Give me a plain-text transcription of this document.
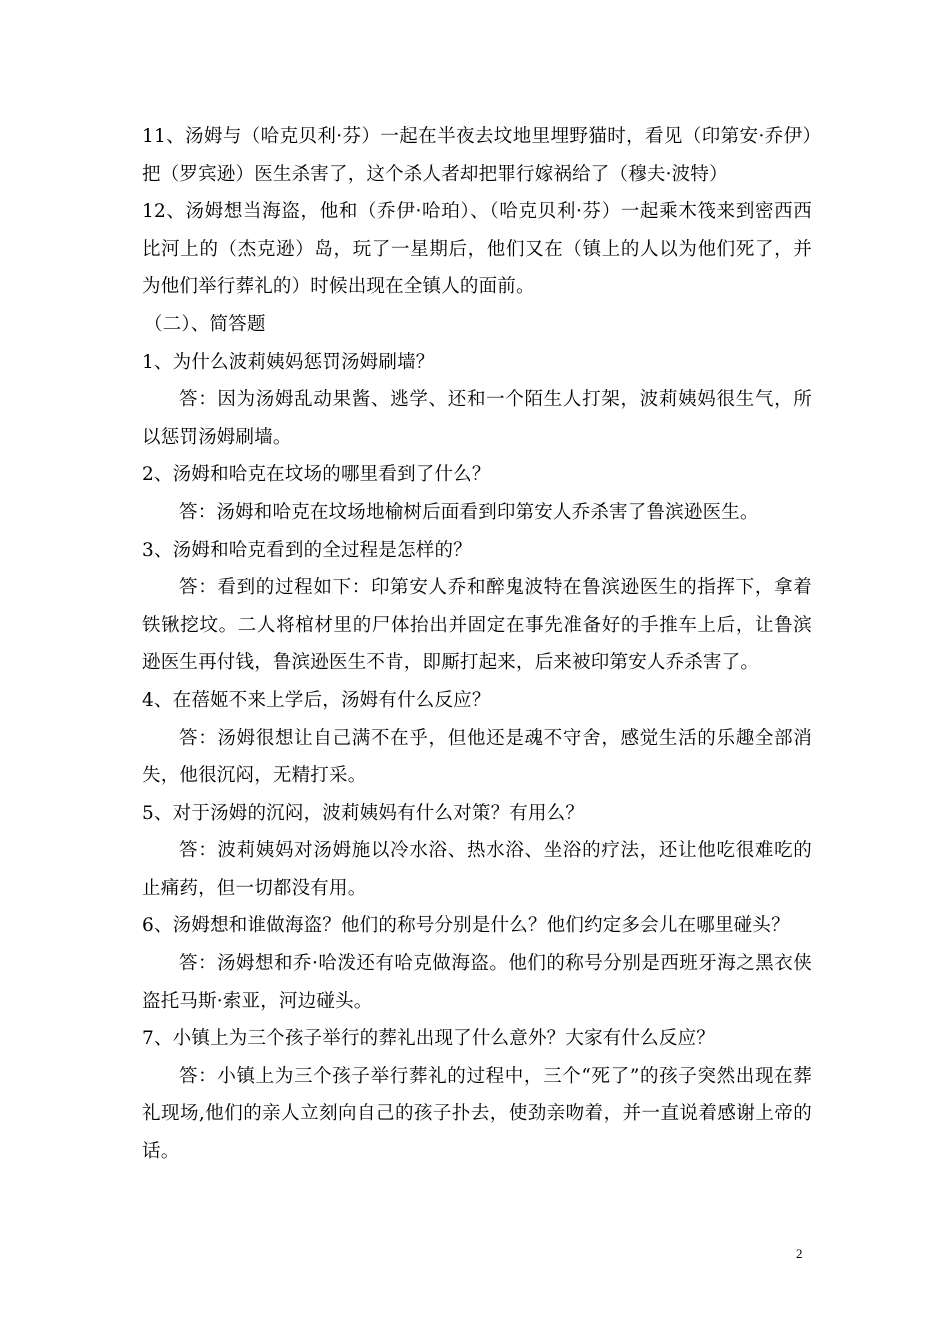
11、汤姆与（哈克贝利·芬）一起在半夜去坟地里埋野猫时，看见（印第安·乔伊）把（罗宾逊）医生杀害了，这个杀人者却把罪行嫁祸给了（穆夫·波特）

12、汤姆想当海盗，他和（乔伊·哈珀）、（哈克贝利·芬）一起乘木筏来到密西西比河上的（杰克逊）岛，玩了一星期后，他们又在（镇上的人以为他们死了，并为他们举行葬礼的）时候出现在全镇人的面前。

（二）、简答题

1、为什么波莉姨妈惩罚汤姆刷墙？

答：因为汤姆乱动果酱、逃学、还和一个陌生人打架，波莉姨妈很生气，所以惩罚汤姆刷墙。

2、汤姆和哈克在坟场的哪里看到了什么？

答：汤姆和哈克在坟场地榆树后面看到印第安人乔杀害了鲁滨逊医生。

3、汤姆和哈克看到的全过程是怎样的？

答：看到的过程如下：印第安人乔和醉鬼波特在鲁滨逊医生的指挥下，拿着铁锹挖坟。二人将棺材里的尸体抬出并固定在事先准备好的手推车上后，让鲁滨逊医生再付钱，鲁滨逊医生不肯，即厮打起来，后来被印第安人乔杀害了。

4、在蓓姬不来上学后，汤姆有什么反应？

答：汤姆很想让自己满不在乎，但他还是魂不守舍，感觉生活的乐趣全部消失，他很沉闷，无精打采。

5、对于汤姆的沉闷，波莉姨妈有什么对策？有用么？

答：波莉姨妈对汤姆施以冷水浴、热水浴、坐浴的疗法，还让他吃很难吃的止痛药，但一切都没有用。

6、汤姆想和谁做海盗？他们的称号分别是什么？他们约定多会儿在哪里碰头？

答：汤姆想和乔·哈泼还有哈克做海盗。他们的称号分别是西班牙海之黑衣侠盗托马斯·索亚，河边碰头。

7、小镇上为三个孩子举行的葬礼出现了什么意外？大家有什么反应？

答：小镇上为三个孩子举行葬礼的过程中，三个“死了”的孩子突然出现在葬礼现场,他们的亲人立刻向自己的孩子扑去，使劲亲吻着，并一直说着感谢上帝的话。

2
